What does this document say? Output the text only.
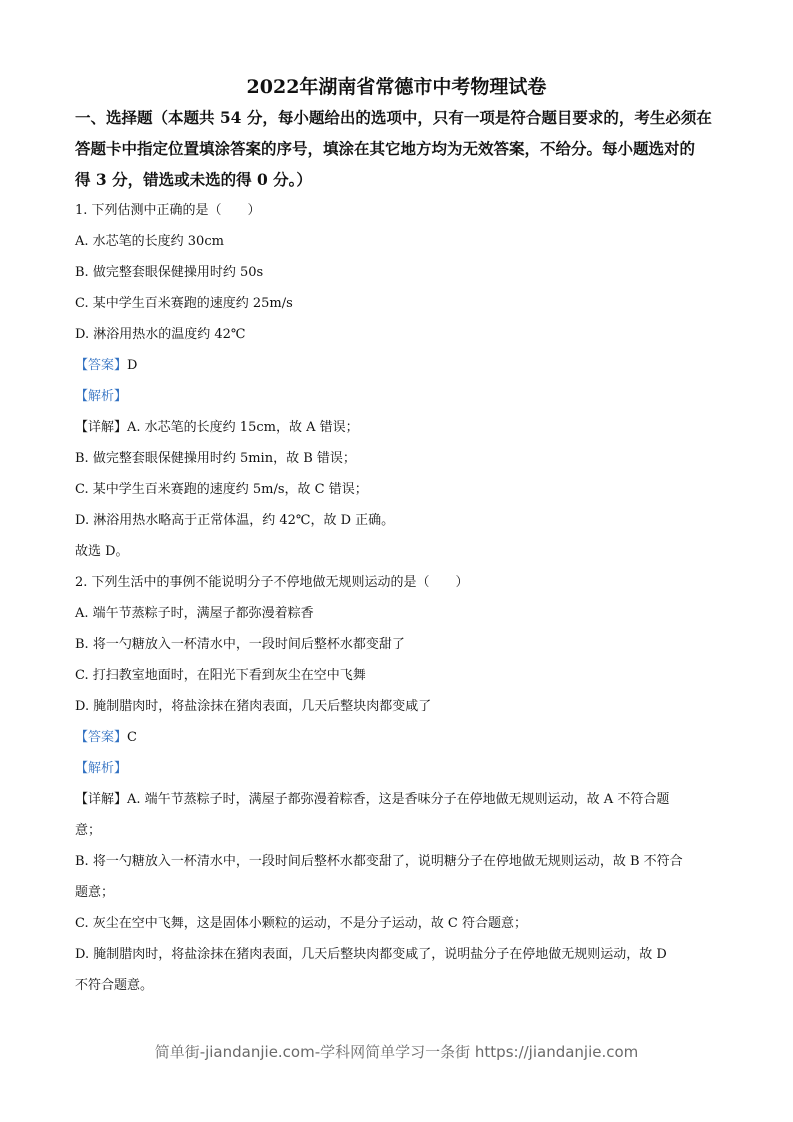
2022年湖南省常德市中考物理试卷
一、选择题（本题共 54 分，每小题给出的选项中，只有一项是符合题目要求的，考生必须在
答题卡中指定位置填涂答案的序号，填涂在其它地方均为无效答案，不给分。每小题选对的
得 3 分，错选或未选的得 0 分。）
1. 下列估测中正确的是（　　）
A. 水芯笔的长度约 30cm
B. 做完整套眼保健操用时约 50s
C. 某中学生百米赛跑的速度约 25m/s
D. 淋浴用热水的温度约 42℃
【答案】D
【解析】
【详解】A. 水芯笔的长度约 15cm，故 A 错误；
B. 做完整套眼保健操用时约 5min，故 B 错误；
C. 某中学生百米赛跑的速度约 5m/s，故 C 错误；
D. 淋浴用热水略高于正常体温，约 42℃，故 D 正确。
故选 D。
2. 下列生活中的事例不能说明分子不停地做无规则运动的是（　　）
A. 端午节蒸粽子时，满屋子都弥漫着粽香
B. 将一勺糖放入一杯清水中，一段时间后整杯水都变甜了
C. 打扫教室地面时，在阳光下看到灰尘在空中飞舞
D. 腌制腊肉时，将盐涂抹在猪肉表面，几天后整块肉都变咸了
【答案】C
【解析】
【详解】A. 端午节蒸粽子时，满屋子都弥漫着粽香，这是香味分子在停地做无规则运动，故 A 不符合题
意；
B. 将一勺糖放入一杯清水中，一段时间后整杯水都变甜了，说明糖分子在停地做无规则运动，故 B 不符合
题意；
C. 灰尘在空中飞舞，这是固体小颗粒的运动，不是分子运动，故 C 符合题意；
D. 腌制腊肉时，将盐涂抹在猪肉表面，几天后整块肉都变咸了，说明盐分子在停地做无规则运动，故 D
不符合题意。
简单街-jiandanjie.com-学科网简单学习一条街 https://jiandanjie.com
